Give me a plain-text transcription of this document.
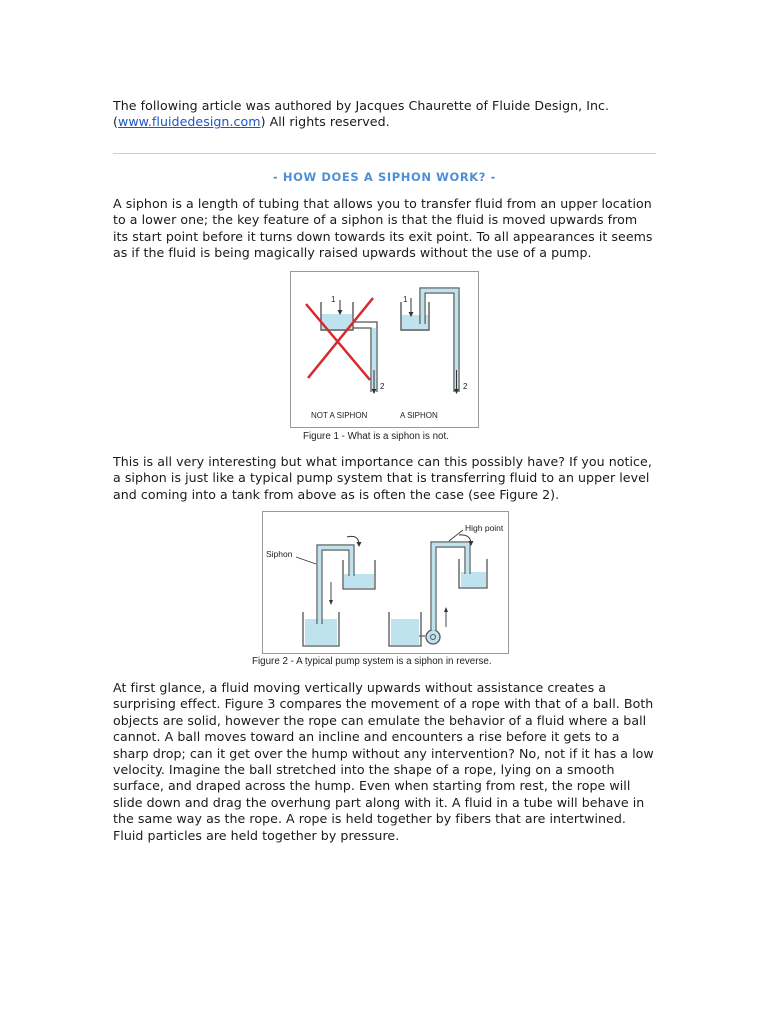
The following article was authored by Jacques Chaurette of Fluide Design, Inc.

(www.fluidedesign.com) All rights reserved.

- HOW DOES A SIPHON WORK? -

A siphon is a length of tubing that allows you to transfer fluid from an upper location

to a lower one; the key feature of a siphon is that the fluid is moved upwards from

its start point before it turns down towards its exit point. To all appearances it seems

as if the fluid is being magically raised upwards without the use of a pump.

1
2
NOT A SIPHON
1
2
A SIPHON
Figure 1 - What is a siphon is not.

This is all very interesting but what importance can this possibly have? If you notice,

a siphon is just like a typical pump system that is transferring fluid to an upper level

and coming into a tank from above as is often the case (see Figure 2).

Siphon
High point
Figure 2 - A typical pump system is a siphon in reverse.

At first glance, a fluid moving vertically upwards without assistance creates a

surprising effect. Figure 3 compares the movement of a rope with that of a ball. Both

objects are solid, however the rope can emulate the behavior of a fluid where a ball

cannot. A ball moves toward an incline and encounters a rise before it gets to a

sharp drop; can it get over the hump without any intervention? No, not if it has a low

velocity. Imagine the ball stretched into the shape of a rope, lying on a smooth

surface, and draped across the hump. Even when starting from rest, the rope will

slide down and drag the overhung part along with it. A fluid in a tube will behave in

the same way as the rope. A rope is held together by fibers that are intertwined.

Fluid particles are held together by pressure.
